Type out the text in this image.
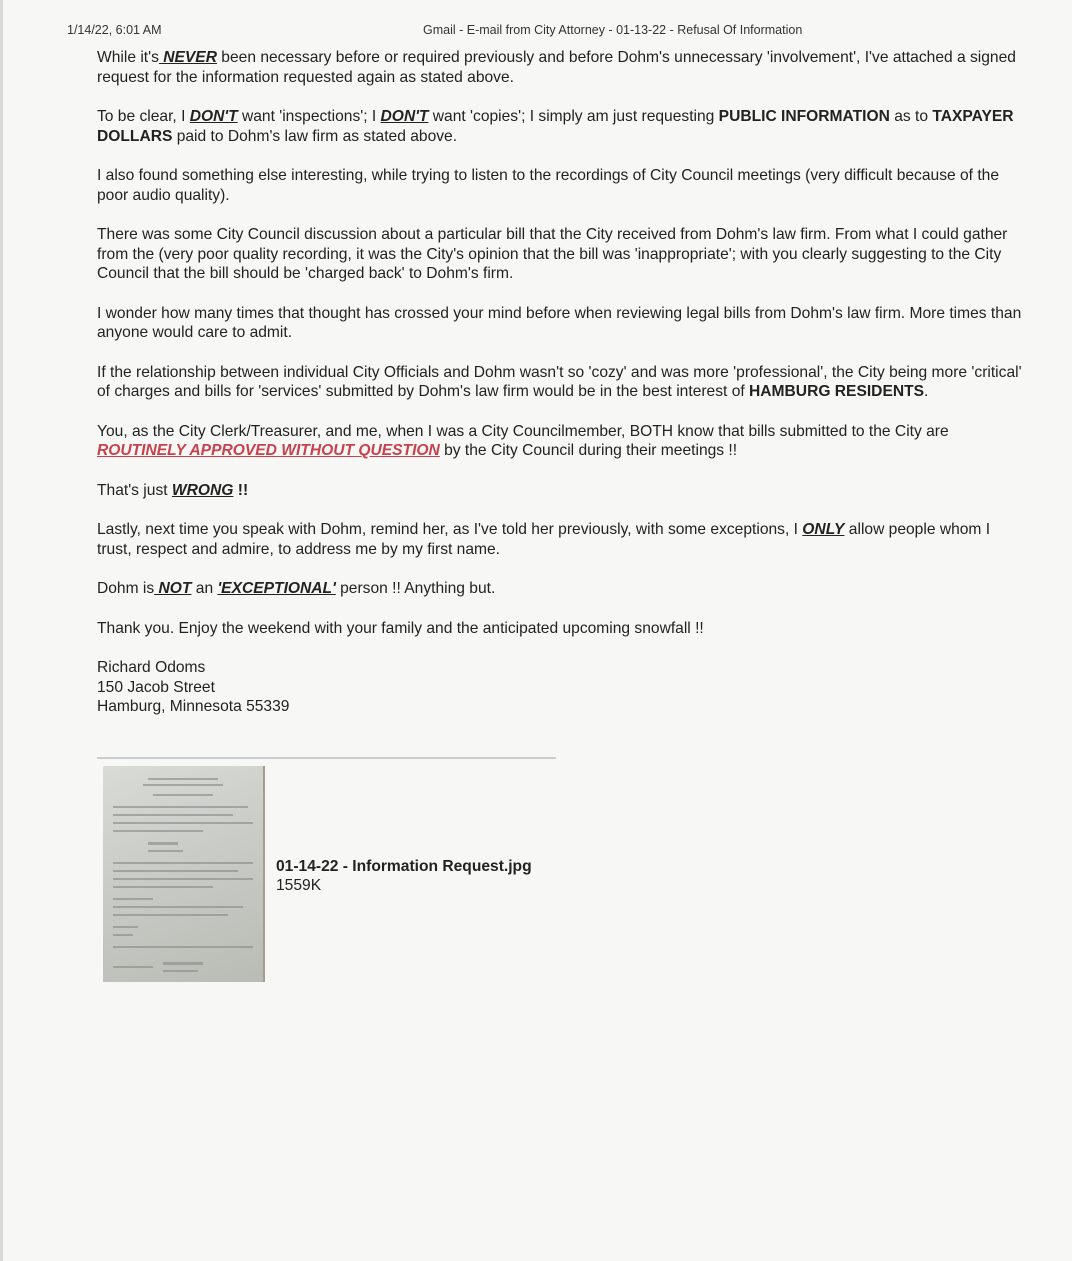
1/14/22, 6:01 AM	Gmail - E-mail from City Attorney - 01-13-22 - Refusal Of Information

While it's NEVER been necessary before or required previously and before Dohm's unnecessary 'involvement', I've attached a signed request for the information requested again as stated above.

To be clear, I DON'T want 'inspections'; I DON'T want 'copies'; I simply am just requesting PUBLIC INFORMATION as to TAXPAYER DOLLARS paid to Dohm's law firm as stated above.

I also found something else interesting, while trying to listen to the recordings of City Council meetings (very difficult because of the poor audio quality).

There was some City Council discussion about a particular bill that the City received from Dohm's law firm. From what I could gather from the (very poor quality recording, it was the City's opinion that the bill was 'inappropriate'; with you clearly suggesting to the City Council that the bill should be 'charged back' to Dohm's firm.

I wonder how many times that thought has crossed your mind before when reviewing legal bills from Dohm's law firm. More times than anyone would care to admit.

If the relationship between individual City Officials and Dohm wasn't so 'cozy' and was more 'professional', the City being more 'critical' of charges and bills for 'services' submitted by Dohm's law firm would be in the best interest of HAMBURG RESIDENTS.

You, as the City Clerk/Treasurer, and me, when I was a City Councilmember, BOTH know that bills submitted to the City are ROUTINELY APPROVED WITHOUT QUESTION by the City Council during their meetings !!

That's just WRONG !!

Lastly, next time you speak with Dohm, remind her, as I've told her previously, with some exceptions, I ONLY allow people whom I trust, respect and admire, to address me by my first name.

Dohm is NOT an 'EXCEPTIONAL' person !! Anything but.

Thank you. Enjoy the weekend with your family and the anticipated upcoming snowfall !!

Richard Odoms

150 Jacob Street

Hamburg, Minnesota 55339

01-14-22 - Information Request.jpg
1559K
